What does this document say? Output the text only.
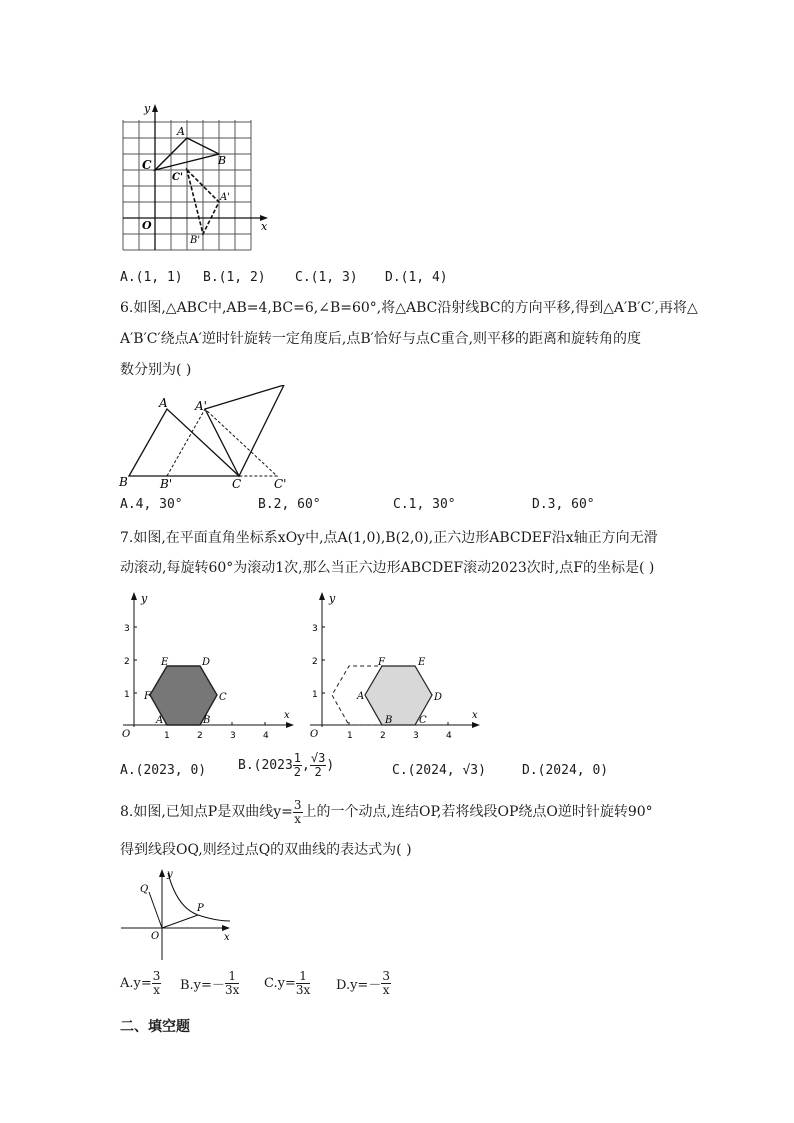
y
x
O
A
B
C
C'
A'
B'
A.(1, 1) B.(1, 2) C.(1, 3) D.(1, 4)
6.如图,△ABC中,AB=4,BC=6,∠B=60°,将△ABC沿射线BC的方向平移,得到△A′B′C′,再将△
A′B′C′绕点A′逆时针旋转一定角度后,点B′恰好与点C重合,则平移的距离和旋转角的度
数分别为( )
A A'
B	B'	C	C'
A.4, 30°	B.2, 60°	C.1, 30°	D.3, 60°
7.如图,在平面直角坐标系xOy中,点A(1,0),B(2,0),正六边形ABCDEF沿x轴正方向无滑
动滚动,每旋转60°为滚动1次,那么当正六边形ABCDEF滚动2023次时,点F的坐标是( )
y
x
O	1	2	3	4
1
2
3
A	B
C
D
E
F
y
x
O	1	2	3	4
1
2
3
A
B	C
D
E
F
A.(2023, 0) $B.(2023 \frac{1}{2}$ , $\frac{√3}{2}$ )	C.(2024, √3)	D.(2024, 0)
8.如图,已知点P是双曲线$y= \frac{3}{x}$ 上的一个动点,连结OP,若将线段OP绕点O逆时针旋转90°
得到线段OQ,则经过点Q的双曲线的表达式为( )
y
x
O
P
Q
$A.y= \frac{3}{x} B.y=- \frac{1}{3x} C.y= \frac{1}{3x} D.y=- \frac{3}{x}$
二、填空题
